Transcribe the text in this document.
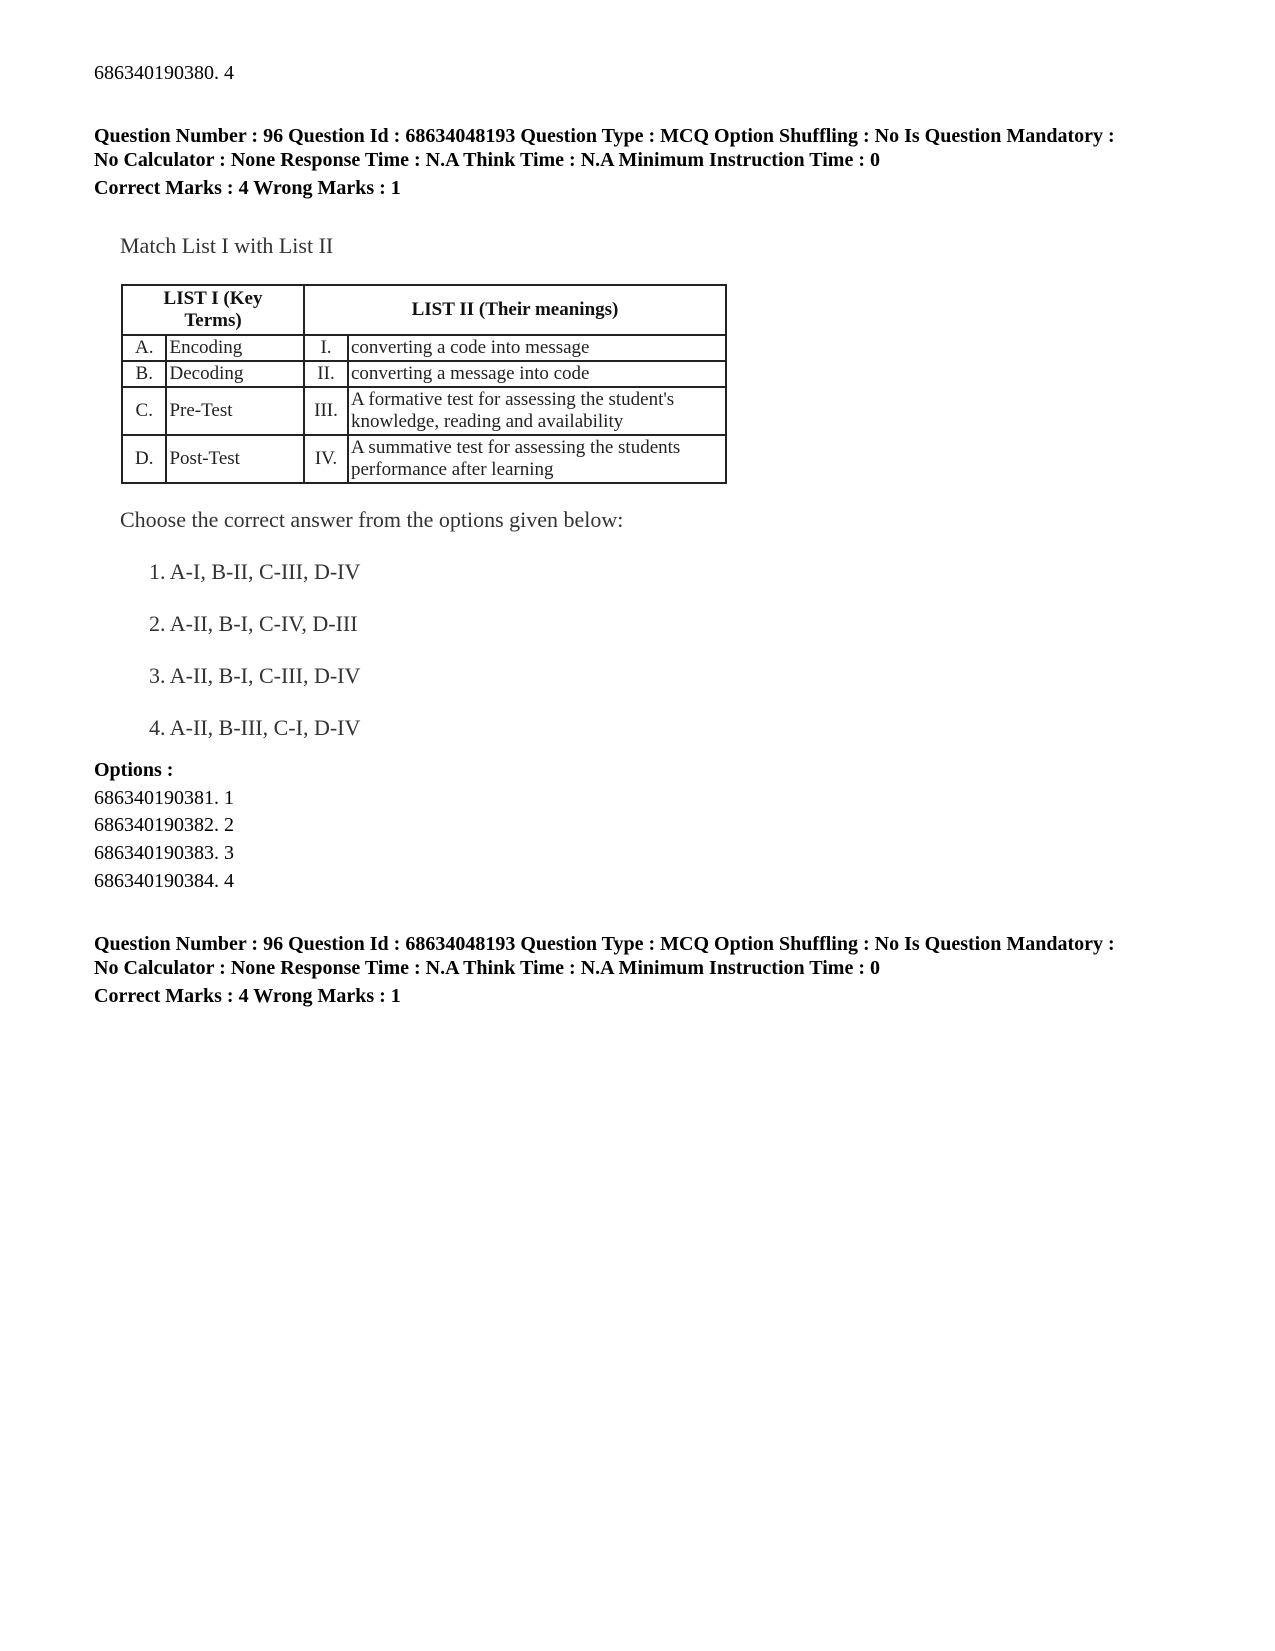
686340190380. 4
Question Number : 96 Question Id : 68634048193 Question Type : MCQ Option Shuffling : No Is Question Mandatory :
No Calculator : None Response Time : N.A Think Time : N.A Minimum Instruction Time : 0
Correct Marks : 4 Wrong Marks : 1
Match List I with List II
LIST I (Key
Terms)		LIST II (Their meanings)	
A.	Encoding	I.	converting a code into message
B.	Decoding	II.	converting a message into code
C.	Pre-Test	III.	A formative test for assessing the student's
knowledge, reading and availability
D.	Post-Test	IV.	A summative test for assessing the students
performance after learning
Choose the correct answer from the options given below:
1. A-I, B-II, C-III, D-IV
2. A-II, B-I, C-IV, D-III
3. A-II, B-I, C-III, D-IV
4. A-II, B-III, C-I, D-IV
Options :
686340190381. 1
686340190382. 2
686340190383. 3
686340190384. 4
Question Number : 96 Question Id : 68634048193 Question Type : MCQ Option Shuffling : No Is Question Mandatory :
No Calculator : None Response Time : N.A Think Time : N.A Minimum Instruction Time : 0
Correct Marks : 4 Wrong Marks : 1
